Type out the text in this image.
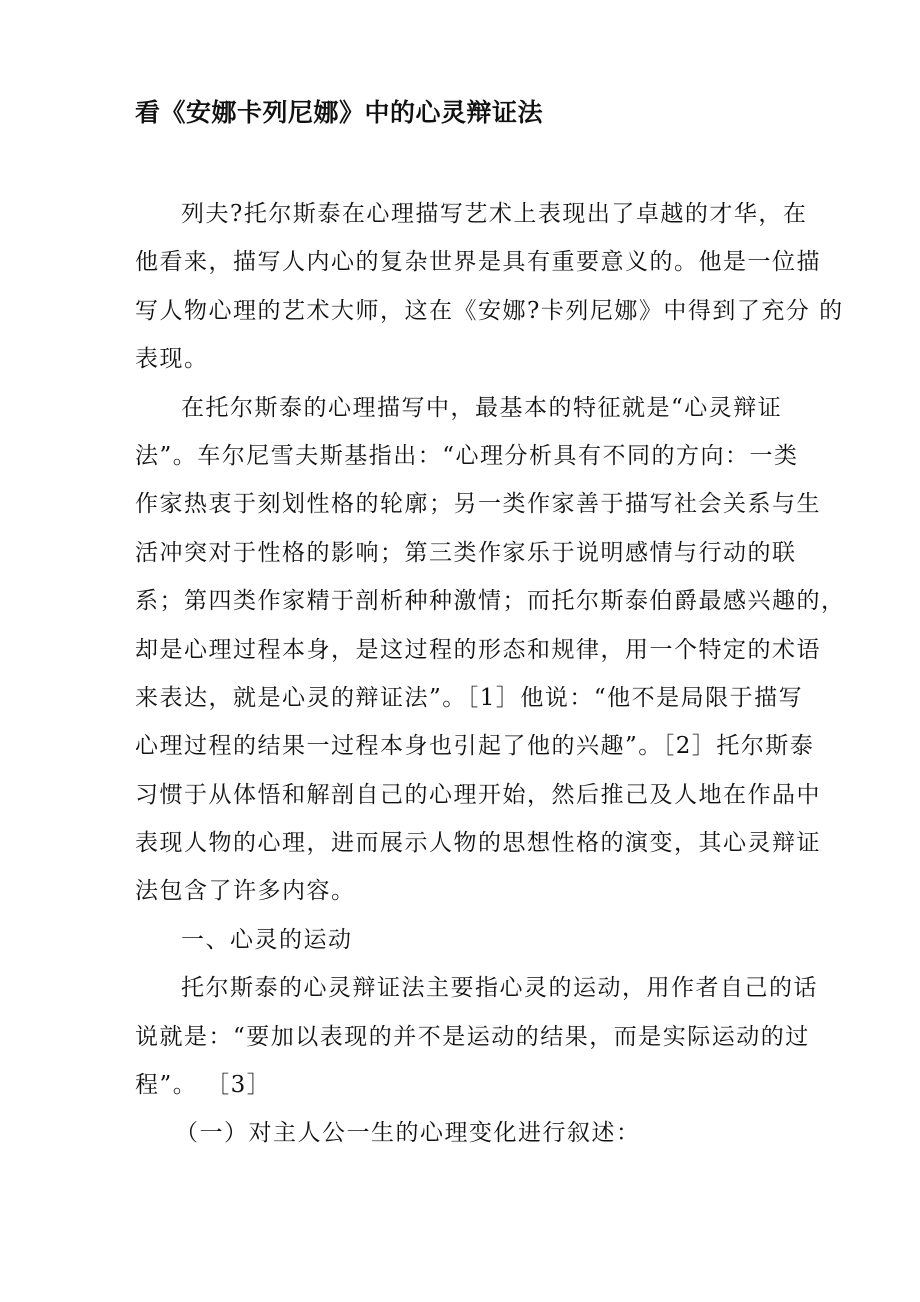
看《安娜卡列尼娜》中的心灵辩证法
列夫?托尔斯泰在心理描写艺术上表现出了卓越的才华，在
他看来，描写人内心的复杂世界是具有重要意义的。他是一位描
写人物心理的艺术大师，这在《安娜?卡列尼娜》中得到了充分 的
表现。
在托尔斯泰的心理描写中，最基本的特征就是“心灵辩证
法”。车尔尼雪夫斯基指出：“心理分析具有不同的方向：一类
作家热衷于刻划性格的轮廓；另一类作家善于描写社会关系与生
活冲突对于性格的影响；第三类作家乐于说明感情与行动的联
系；第四类作家精于剖析种种激情；而托尔斯泰伯爵最感兴趣的，
却是心理过程本身，是这过程的形态和规律，用一个特定的术语
来表达，就是心灵的辩证法”。［1］他说：“他不是局限于描写
心理过程的结果一过程本身也引起了他的兴趣”。［2］托尔斯泰
习惯于从体悟和解剖自己的心理开始，然后推己及人地在作品中
表现人物的心理，进而展示人物的思想性格的演变，其心灵辩证
法包含了许多内容。
一、心灵的运动
托尔斯泰的心灵辩证法主要指心灵的运动，用作者自己的话
说就是：“要加以表现的并不是运动的结果，而是实际运动的过
程”。 ［3］
（一）对主人公一生的心理变化进行叙述：
